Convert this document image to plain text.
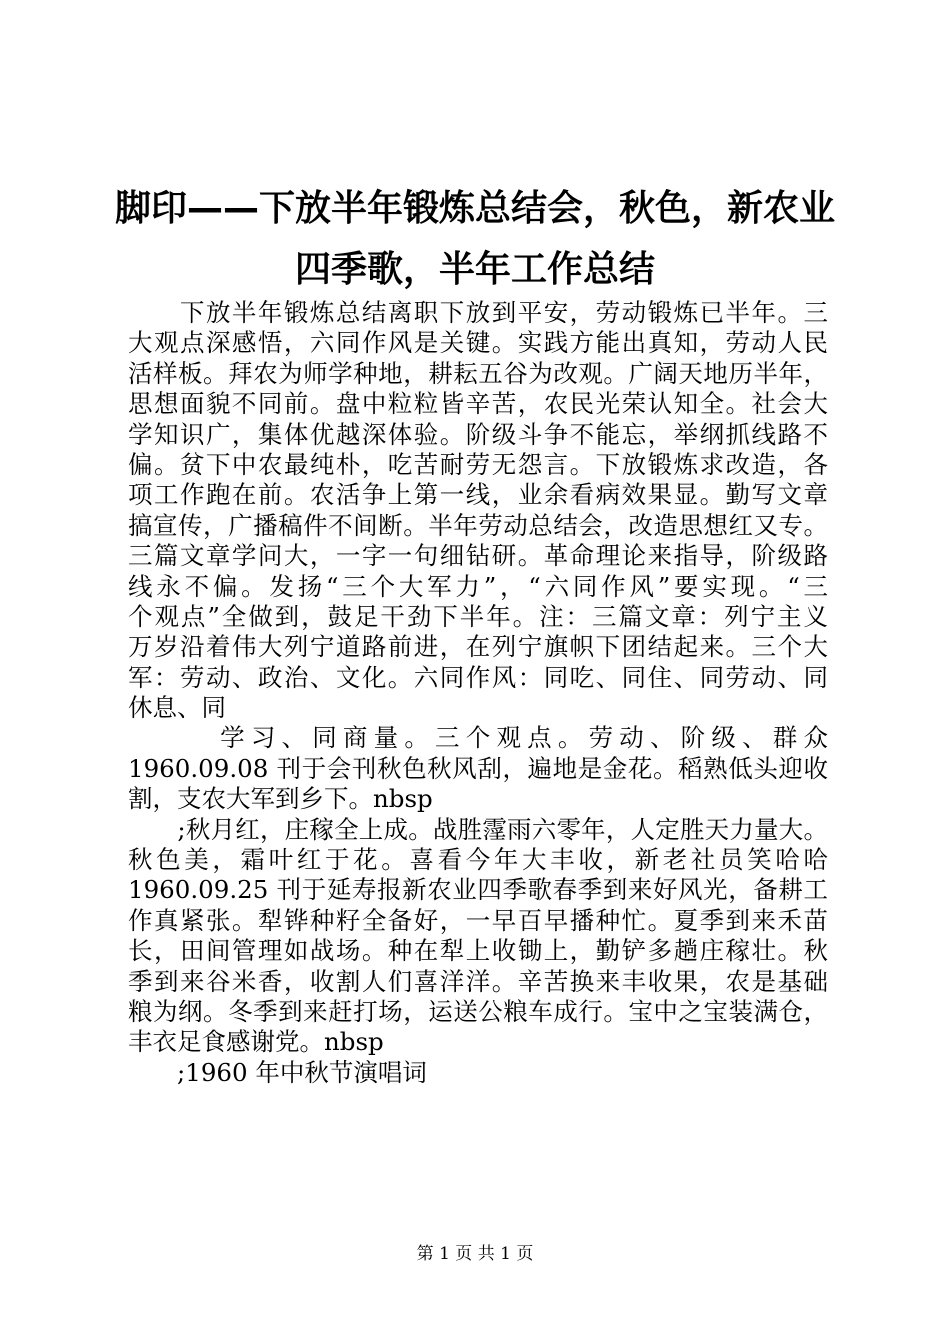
脚印——下放半年锻炼总结会，秋色，新农业
四季歌，半年工作总结
　　下放半年锻炼总结离职下放到平安，劳动锻炼已半年。三
大观点深感悟，六同作风是关键。实践方能出真知，劳动人民
活样板。拜农为师学种地，耕耘五谷为改观。广阔天地历半年，
思想面貌不同前。盘中粒粒皆辛苦，农民光荣认知全。社会大
学知识广，集体优越深体验。阶级斗争不能忘，举纲抓线路不
偏。贫下中农最纯朴，吃苦耐劳无怨言。下放锻炼求改造，各
项工作跑在前。农活争上第一线，业余看病效果显。勤写文章
搞宣传，广播稿件不间断。半年劳动总结会，改造思想红又专。
三篇文章学问大，一字一句细钻研。革命理论来指导，阶级路
线永不偏。发扬“三个大军力”，“六同作风”要实现。“三
个观点”全做到，鼓足干劲下半年。注：三篇文章：列宁主义
万岁沿着伟大列宁道路前进，在列宁旗帜下团结起来。三个大
军：劳动、政治、文化。六同作风：同吃、同住、同劳动、同
休息、同
　　　学习、同商量。三个观点。劳动、阶级、群众
1960.09.08 刊于会刊秋色秋风刮，遍地是金花。稻熟低头迎收
割，支农大军到乡下。nbsp
　　;秋月红，庄稼全上成。战胜霪雨六零年，人定胜天力量大。
秋色美，霜叶红于花。喜看今年大丰收，新老社员笑哈哈
1960.09.25 刊于延寿报新农业四季歌春季到来好风光，备耕工
作真紧张。犁铧种籽全备好，一早百早播种忙。夏季到来禾苗
长，田间管理如战场。种在犁上收锄上，勤铲多趟庄稼壮。秋
季到来谷米香，收割人们喜洋洋。辛苦换来丰收果，农是基础
粮为纲。冬季到来赶打场，运送公粮车成行。宝中之宝装满仓，
丰衣足食感谢党。nbsp
　　;1960 年中秋节演唱词
第 1 页 共 1 页
